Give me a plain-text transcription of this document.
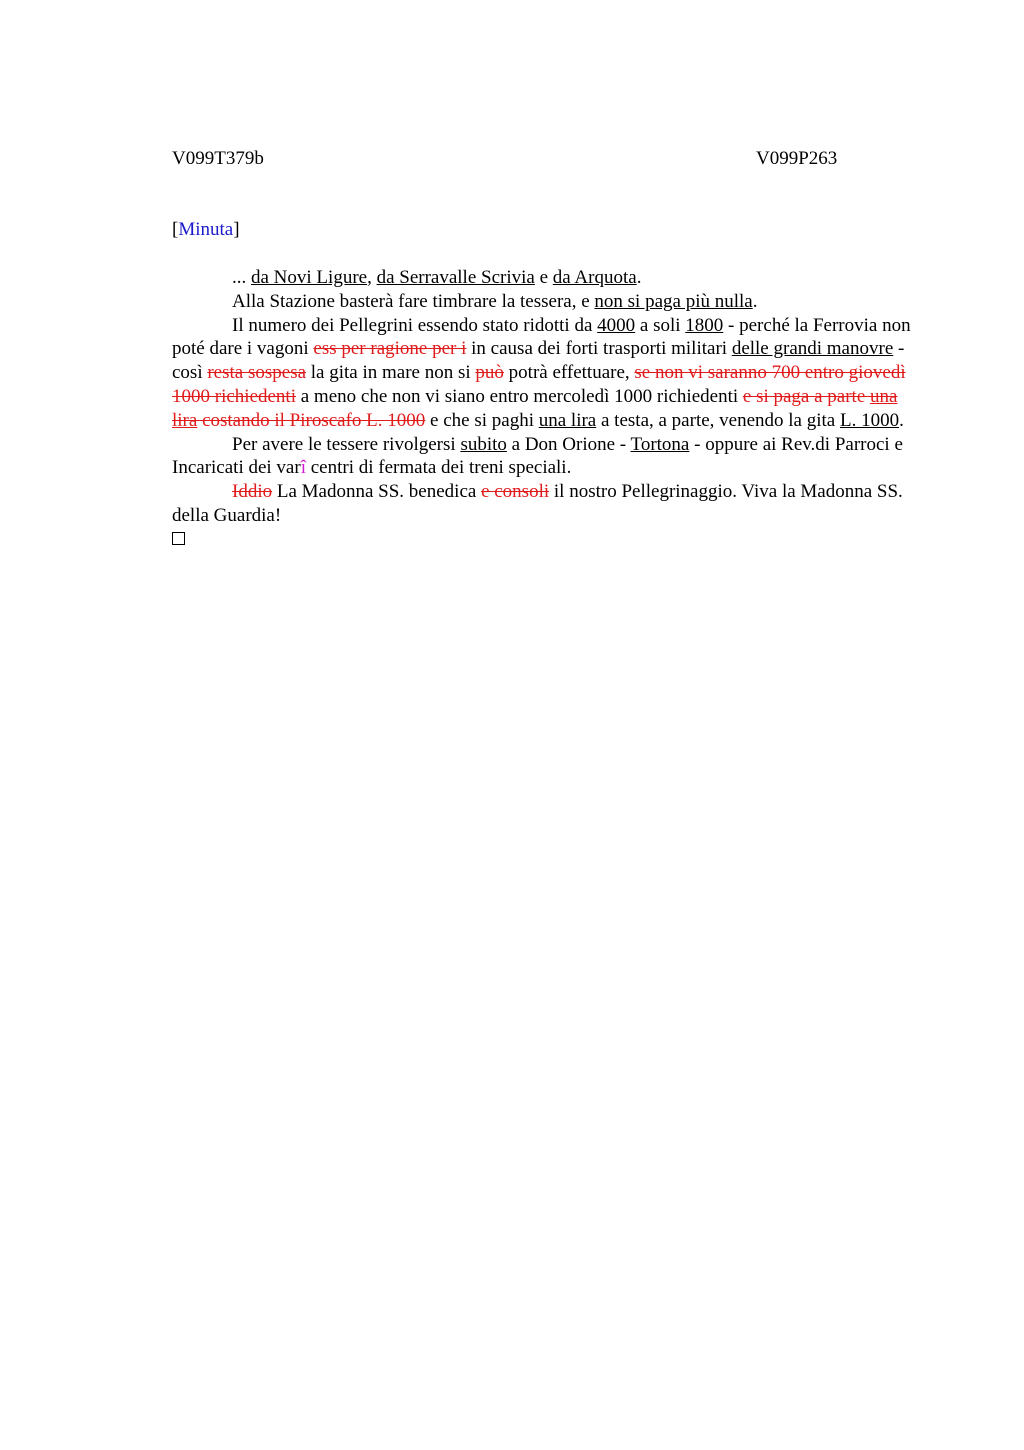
V099T379b	V099P263
[Minuta]

... da Novi Ligure, da Serravalle Scrivia e da Arquota.

Alla Stazione basterà fare timbrare la tessera, e non si paga più nulla.

Il numero dei Pellegrini essendo stato ridotti da 4000 a soli 1800 - perché la Ferrovia non poté dare i vagoni ess per ragione per i in causa dei forti trasporti militari delle grandi manovre - così resta sospesa la gita in mare non si può potrà effettuare, se non vi saranno 700 entro giovedì 1000 richiedenti a meno che non vi siano entro mercoledì 1000 richiedenti e si paga a parte una lira costando il Piroscafo L. 1000 e che si paghi una lira a testa, a parte, venendo la gita L. 1000.

Per avere le tessere rivolgersi subito a Don Orione - Tortona - oppure ai Rev.di Parroci e Incaricati dei varî centri di fermata dei treni speciali.

Iddio La Madonna SS. benedica e consoli il nostro Pellegrinaggio. Viva la Madonna SS. della Guardia!
